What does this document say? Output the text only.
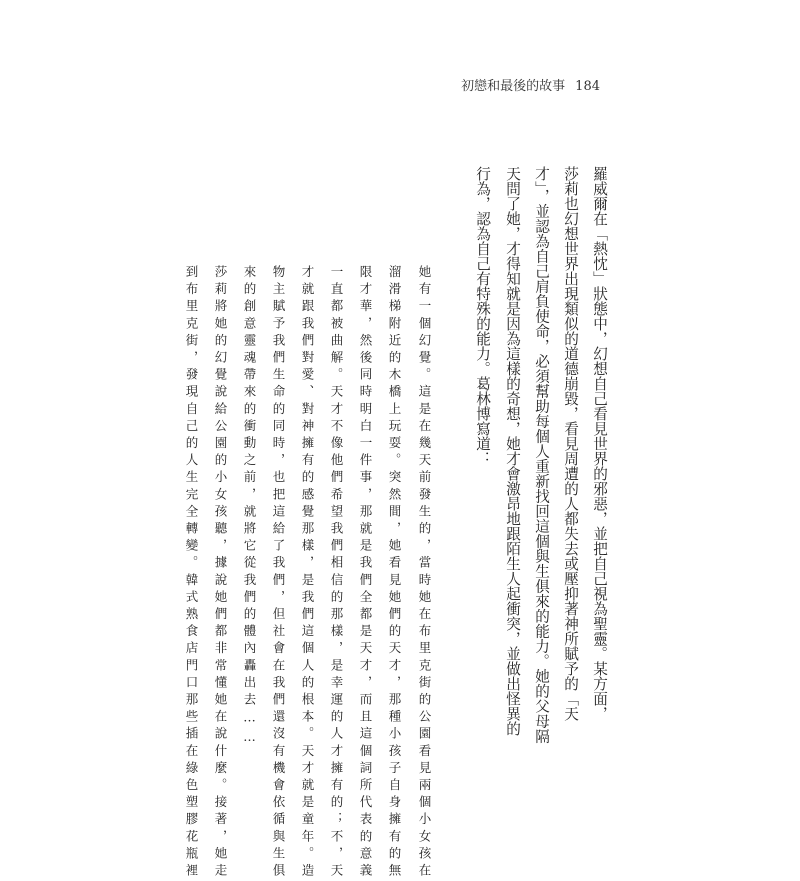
初戀和最後的故事 184
羅威爾在「熱忱」狀態中，幻想自己看見世界的邪惡，並把自己視為聖靈。某方面，
莎莉也幻想世界出現類似的道德崩毀，看見周遭的人都失去或壓抑著神所賦予的「天
才」，並認為自己肩負使命，必須幫助每個人重新找回這個與生俱來的能力。她的父母隔
天問了她，才得知就是因為這樣的奇想，她才會激昂地跟陌生人起衝突，並做出怪異的
行為，認為自己有特殊的能力。葛林博寫道：
她有一個幻覺。這是在幾天前發生的，當時她在布里克街的公園看見兩個小女孩在
溜滑梯附近的木橋上玩耍。突然間，她看見她們的天才，那種小孩子自身擁有的無
限才華，然後同時明白一件事，那就是我們全都是天才，而且這個詞所代表的意義
一直都被曲解。天才不像他們希望我們相信的那樣，是幸運的人才擁有的；不，天
才就跟我們對愛、對神擁有的感覺那樣，是我們這個人的根本。天才就是童年。造
物主賦予我們生命的同時，也把這給了我們，但社會在我們還沒有機會依循與生俱
來的創意靈魂帶來的衝動之前，就將它從我們的體內轟出去……
莎莉將她的幻覺說給公園的小女孩聽，據說她們都非常懂她在說什麼。接著，她走
到布里克街，發現自己的人生完全轉變。韓式熟食店門口那些插在綠色塑膠花瓶裡
